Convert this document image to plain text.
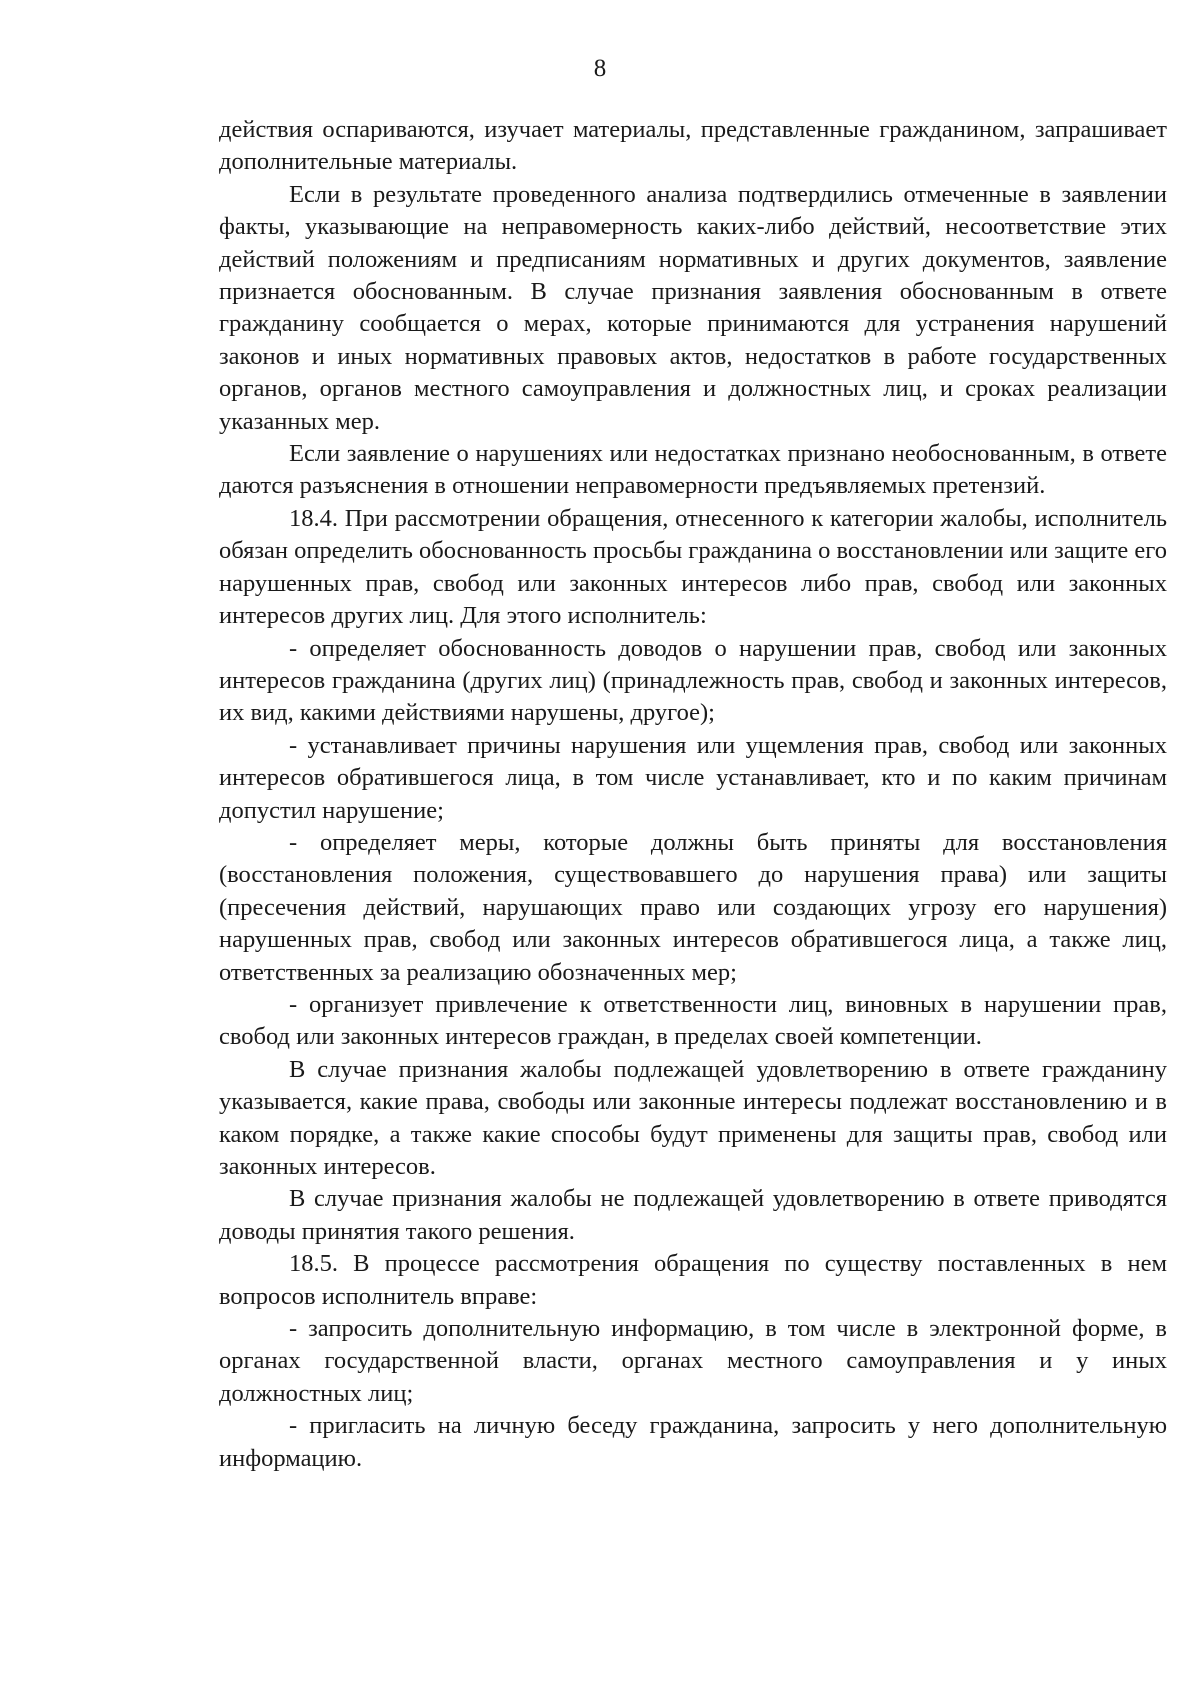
8

действия оспариваются, изучает материалы, представленные гражданином, запрашивает дополнительные материалы.

Если в результате проведенного анализа подтвердились отмеченные в заявлении факты, указывающие на неправомерность каких-либо действий, несоответствие этих действий положениям и предписаниям нормативных и других документов, заявление признается обоснованным. В случае признания заявления обоснованным в ответе гражданину сообщается о мерах, которые принимаются для устранения нарушений законов и иных нормативных правовых актов, недостатков в работе государственных органов, органов местного самоуправления и должностных лиц, и сроках реализации указанных мер.

Если заявление о нарушениях или недостатках признано необоснованным, в ответе даются разъяснения в отношении неправомерности предъявляемых претензий.

18.4. При рассмотрении обращения, отнесенного к категории жалобы, исполнитель обязан определить обоснованность просьбы гражданина о восстановлении или защите его нарушенных прав, свобод или законных интересов либо прав, свобод или законных интересов других лиц. Для этого исполнитель:

- определяет обоснованность доводов о нарушении прав, свобод или законных интересов гражданина (других лиц) (принадлежность прав, свобод и законных интересов, их вид, какими действиями нарушены, другое);

- устанавливает причины нарушения или ущемления прав, свобод или законных интересов обратившегося лица, в том числе устанавливает, кто и по каким причинам допустил нарушение;

- определяет меры, которые должны быть приняты для восстановления (восстановления положения, существовавшего до нарушения права) или защиты (пресечения действий, нарушающих право или создающих угрозу его нарушения) нарушенных прав, свобод или законных интересов обратившегося лица, а также лиц, ответственных за реализацию обозначенных мер;

- организует привлечение к ответственности лиц, виновных в нарушении прав, свобод или законных интересов граждан, в пределах своей компетенции.

В случае признания жалобы подлежащей удовлетворению в ответе гражданину указывается, какие права, свободы или законные интересы подлежат восстановлению и в каком порядке, а также какие способы будут применены для защиты прав, свобод или законных интересов.

В случае признания жалобы не подлежащей удовлетворению в ответе приводятся доводы принятия такого решения.

18.5. В процессе рассмотрения обращения по существу поставленных в нем вопросов исполнитель вправе:

- запросить дополнительную информацию, в том числе в электронной форме, в органах государственной власти, органах местного самоуправления и у иных должностных лиц;

- пригласить на личную беседу гражданина, запросить у него дополнительную информацию.
